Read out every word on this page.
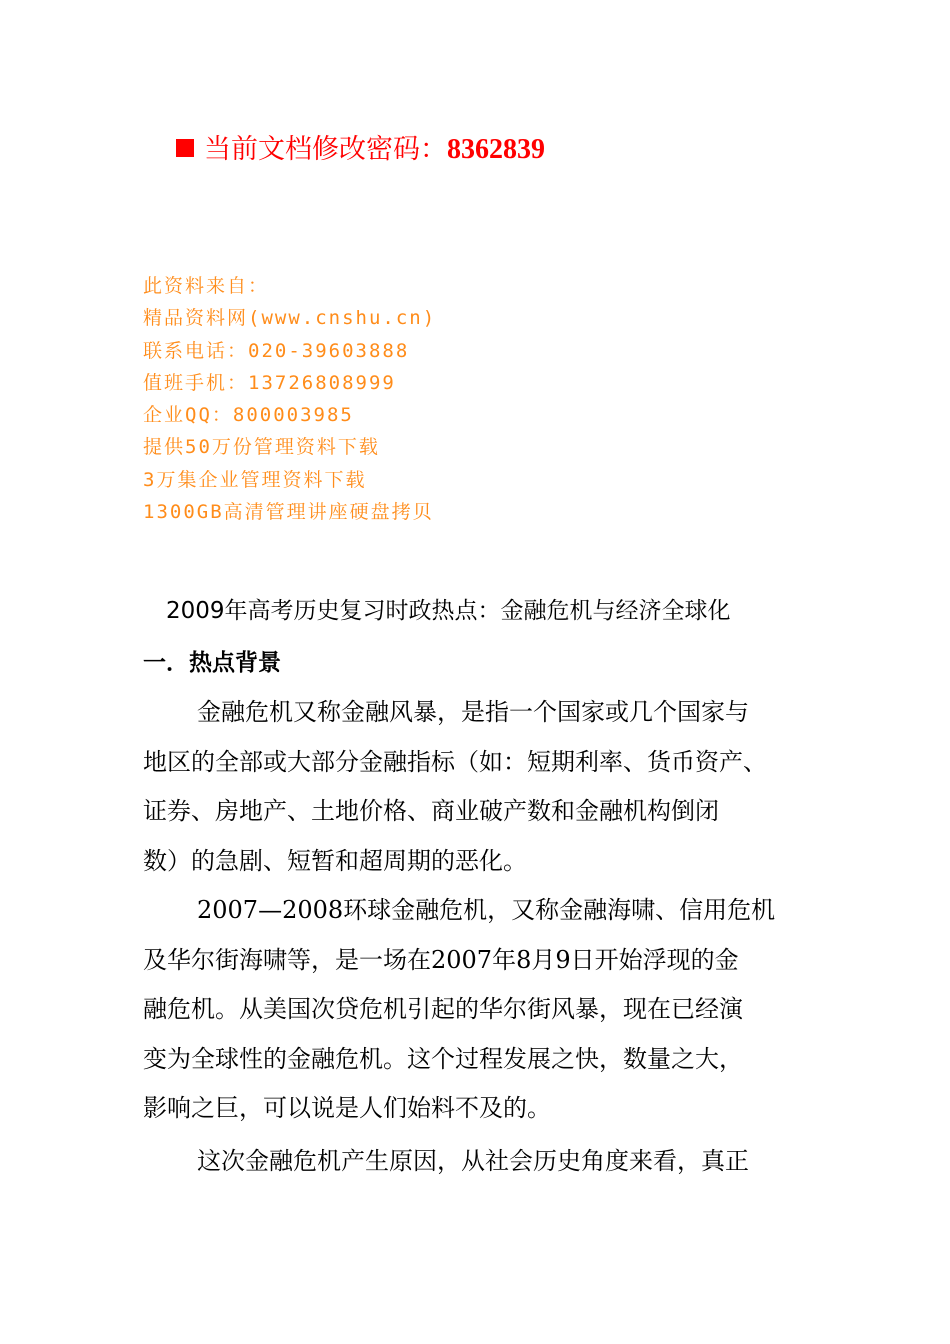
当前文档修改密码：8362839
此资料来自：
精品资料网(www.cnshu.cn)
联系电话：020-39603888
值班手机：13726808999
企业QQ：800003985
提供50万份管理资料下载
3万集企业管理资料下载
1300GB高清管理讲座硬盘拷贝
2009年高考历史复习时政热点：金融危机与经济全球化
一．热点背景
金融危机又称金融风暴，是指一个国家或几个国家与
地区的全部或大部分金融指标（如：短期利率、货币资产、
证券、房地产、土地价格、商业破产数和金融机构倒闭
数）的急剧、短暂和超周期的恶化。
2007—2008环球金融危机，又称金融海啸、信用危机
及华尔街海啸等，是一场在2007年8月9日开始浮现的金
融危机。从美国次贷危机引起的华尔街风暴，现在已经演
变为全球性的金融危机。这个过程发展之快，数量之大，
影响之巨，可以说是人们始料不及的。
这次金融危机产生原因，从社会历史角度来看，真正
